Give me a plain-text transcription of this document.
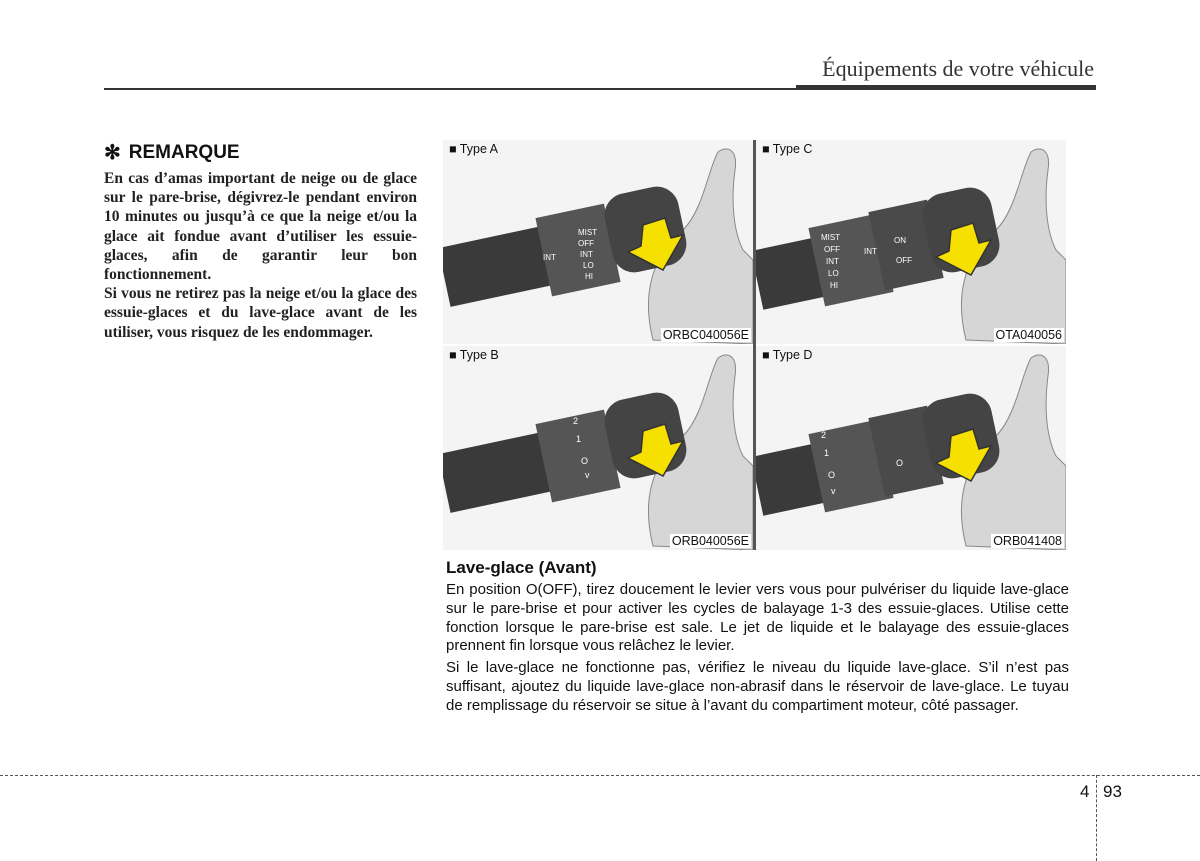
Équipements de votre véhicule
✻ REMARQUE

En cas d’amas important de neige ou de glace sur le pare-brise, dégivrez-le pendant environ 10 minutes ou jusqu’à ce que la neige et/ou la glace ait fondue avant d’utiliser les essuie-glaces, afin de garantir leur bon fonctionnement.

Si vous ne retirez pas la neige et/ou la glace des essuie-glaces et du lave-glace avant de les utiliser, vous risquez de les endommager.

■ Type A
MIST
OFF
INT
LO
HI
INT
ORBC040056E
■ Type C
MIST
OFF
INT
LO
HI
INT
ON
OFF
OTA040056
■ Type B
2
1
O
v
ORB040056E
■ Type D
2
1
O
v
O
ORB041408
Lave-glace (Avant)

En position O(OFF), tirez doucement le levier vers vous pour pulvériser du liquide lave-glace sur le pare-brise et pour activer les cycles de balayage 1-3 des essuie-glaces. Utilise cette fonction lorsque le pare-brise est sale. Le jet de liquide et le balayage des essuie-glaces prennent fin lorsque vous relâchez le levier.

Si le lave-glace ne fonctionne pas, vérifiez le niveau du liquide lave-glace. S’il n’est pas suffisant, ajoutez du liquide lave-glace non-abrasif dans le réservoir de lave-glace. Le tuyau de remplissage du réservoir se situe à l’avant du compartiment moteur, côté passager.

4 93
